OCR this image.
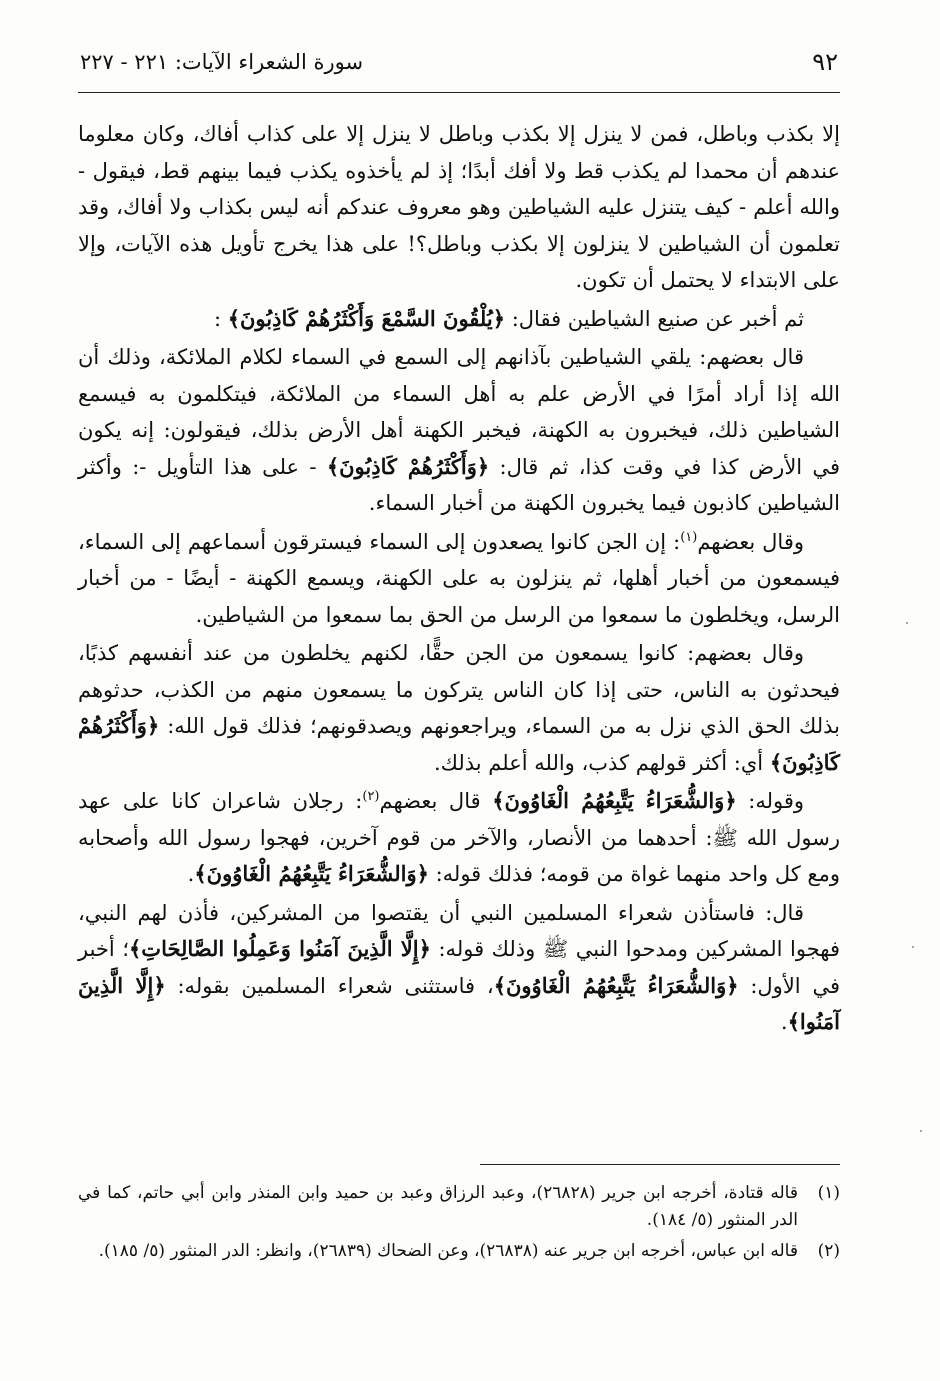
٩٢
سورة الشعراء الآيات: ٢٢١ - ٢٢٧

إلا بكذب وباطل، فمن لا ينزل إلا بكذب وباطل لا ينزل إلا على كذاب أفاك، وكان معلوما عندهم أن محمدا لم يكذب قط ولا أفك أبدًا؛ إذ لم يأخذوه يكذب فيما بينهم قط، فيقول - والله أعلم - كيف يتنزل عليه الشياطين وهو معروف عندكم أنه ليس بكذاب ولا أفاك، وقد تعلمون أن الشياطين لا ينزلون إلا بكذب وباطل؟! على هذا يخرج تأويل هذه الآيات، وإلا على الابتداء لا يحتمل أن تكون.

ثم أخبر عن صنيع الشياطين فقال: ﴿يُلْقُونَ السَّمْعَ وَأَكْثَرُهُمْ كَاذِبُونَ﴾ :

قال بعضهم: يلقي الشياطين بآذانهم إلى السمع في السماء لكلام الملائكة، وذلك أن الله إذا أراد أمرًا في الأرض علم به أهل السماء من الملائكة، فيتكلمون به فيسمع الشياطين ذلك، فيخبرون به الكهنة، فيخبر الكهنة أهل الأرض بذلك، فيقولون: إنه يكون في الأرض كذا في وقت كذا، ثم قال: ﴿وَأَكْثَرُهُمْ كَاذِبُونَ﴾ - على هذا التأويل -: وأكثر الشياطين كاذبون فيما يخبرون الكهنة من أخبار السماء.

وقال بعضهم$^{(١)}$: إن الجن كانوا يصعدون إلى السماء فيسترقون أسماعهم إلى السماء، فيسمعون من أخبار أهلها، ثم ينزلون به على الكهنة، ويسمع الكهنة - أيضًا - من أخبار الرسل، ويخلطون ما سمعوا من الرسل من الحق بما سمعوا من الشياطين.

وقال بعضهم: كانوا يسمعون من الجن حقًّا، لكنهم يخلطون من عند أنفسهم كذبًا، فيحدثون به الناس، حتى إذا كان الناس يتركون ما يسمعون منهم من الكذب، حدثوهم بذلك الحق الذي نزل به من السماء، ويراجعونهم ويصدقونهم؛ فذلك قول الله: ﴿وَأَكْثَرُهُمْ كَاذِبُونَ﴾ أي: أكثر قولهم كذب، والله أعلم بذلك.

وقوله: ﴿وَالشُّعَرَاءُ يَتَّبِعُهُمُ الْغَاوُونَ﴾ قال بعضهم$^{(٢)}$: رجلان شاعران كانا على عهد رسول الله ﷺ: أحدهما من الأنصار، والآخر من قوم آخرين، فهجوا رسول الله وأصحابه ومع كل واحد منهما غواة من قومه؛ فذلك قوله: ﴿وَالشُّعَرَاءُ يَتَّبِعُهُمُ الْغَاوُونَ﴾.

قال: فاستأذن شعراء المسلمين النبي أن يقتصوا من المشركين، فأذن لهم النبي، فهجوا المشركين ومدحوا النبي ﷺ وذلك قوله: ﴿إِلَّا الَّذِينَ آمَنُوا وَعَمِلُوا الصَّالِحَاتِ﴾؛ أخبر في الأول: ﴿وَالشُّعَرَاءُ يَتَّبِعُهُمُ الْغَاوُونَ﴾، فاستثنى شعراء المسلمين بقوله: ﴿إِلَّا الَّذِينَ آمَنُوا﴾.

(١)
قاله قتادة، أخرجه ابن جرير (٢٦٨٢٨)، وعبد الرزاق وعبد بن حميد وابن المنذر وابن أبي حاتم، كما في الدر المنثور (٥/ ١٨٤).
(٢)
قاله ابن عباس، أخرجه ابن جرير عنه (٢٦٨٣٨)، وعن الضحاك (٢٦٨٣٩)، وانظر: الدر المنثور (٥/ ١٨٥).
